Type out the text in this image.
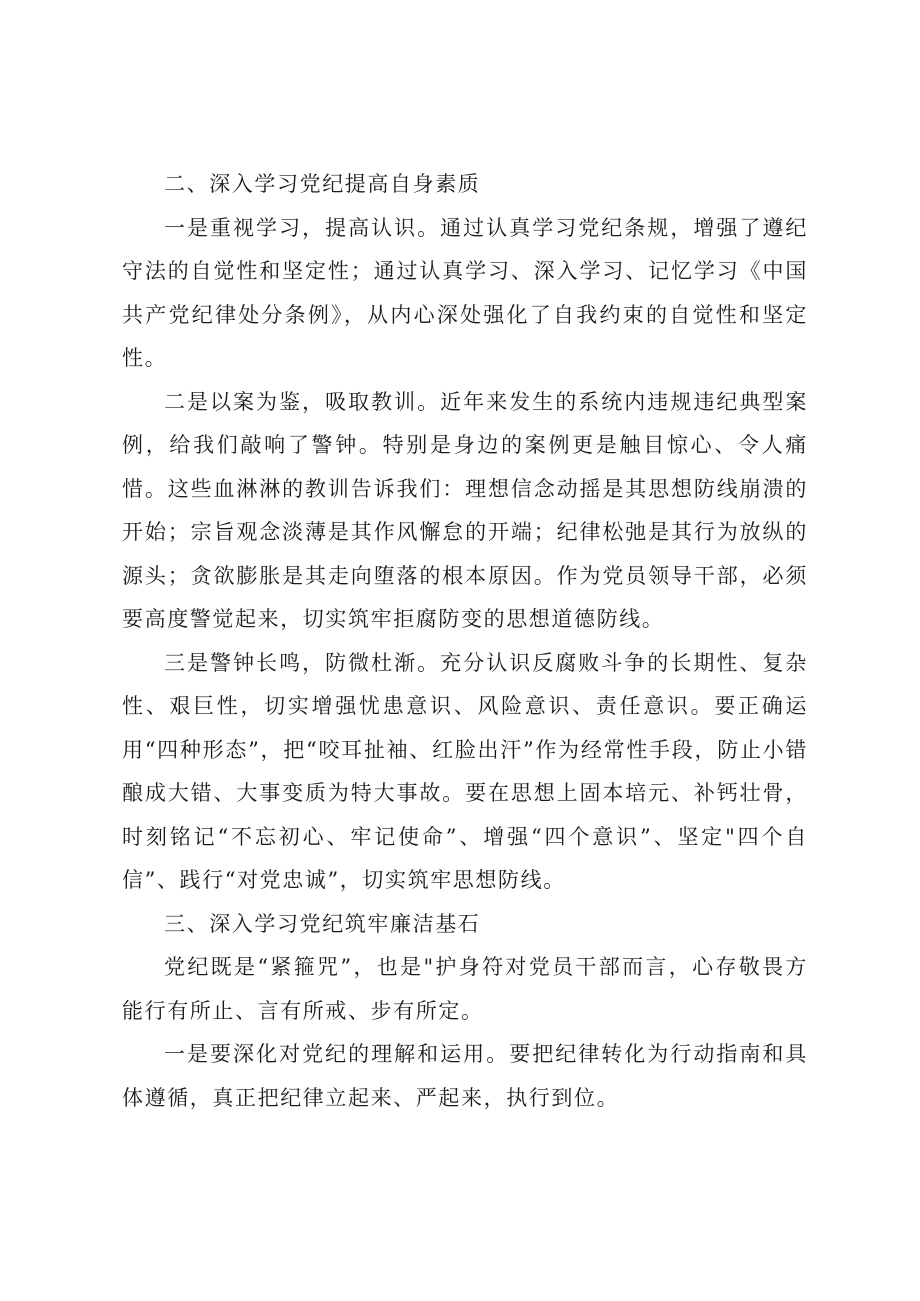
二、深入学习党纪提高自身素质

一是重视学习，提高认识。通过认真学习党纪条规，增强了遵纪守法的自觉性和坚定性；通过认真学习、深入学习、记忆学习《中国共产党纪律处分条例》，从内心深处强化了自我约束的自觉性和坚定性。

二是以案为鉴，吸取教训。近年来发生的系统内违规违纪典型案例，给我们敲响了警钟。特别是身边的案例更是触目惊心、令人痛惜。这些血淋淋的教训告诉我们：理想信念动摇是其思想防线崩溃的开始；宗旨观念淡薄是其作风懈怠的开端；纪律松弛是其行为放纵的源头；贪欲膨胀是其走向堕落的根本原因。作为党员领导干部，必须要高度警觉起来，切实筑牢拒腐防变的思想道德防线。

三是警钟长鸣，防微杜渐。充分认识反腐败斗争的长期性、复杂性、艰巨性，切实增强忧患意识、风险意识、责任意识。要正确运用“四种形态”，把“咬耳扯袖、红脸出汗”作为经常性手段，防止小错酿成大错、大事变质为特大事故。要在思想上固本培元、补钙壮骨，时刻铭记“不忘初心、牢记使命”、增强“四个意识”、坚定"四个自信”、践行“对党忠诚”，切实筑牢思想防线。

三、深入学习党纪筑牢廉洁基石

党纪既是“紧箍咒”，也是"护身符对党员干部而言，心存敬畏方能行有所止、言有所戒、步有所定。

一是要深化对党纪的理解和运用。要把纪律转化为行动指南和具体遵循，真正把纪律立起来、严起来，执行到位。
